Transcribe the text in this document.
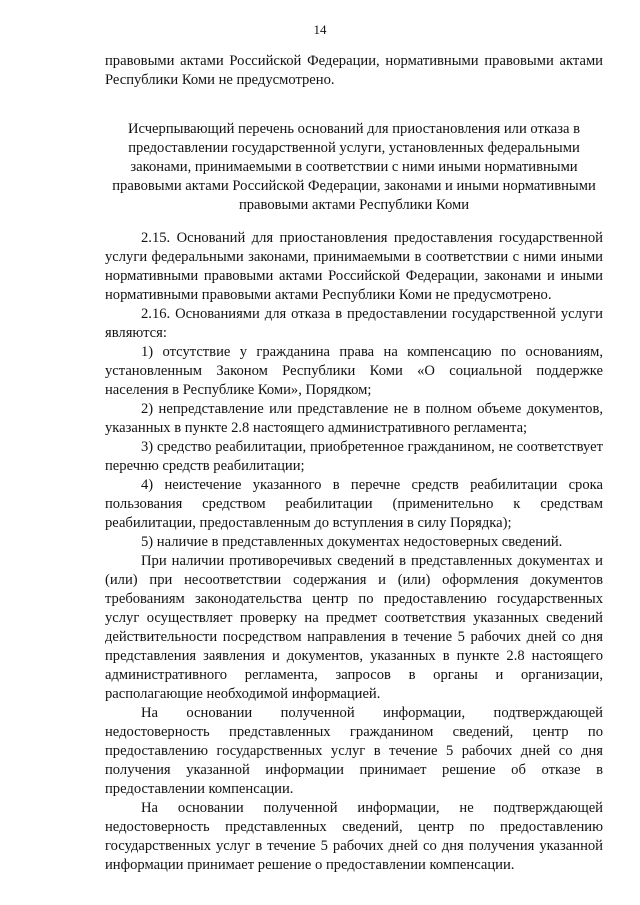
14

правовыми актами Российской Федерации, нормативными правовыми актами Республики Коми не предусмотрено.

Исчерпывающий перечень оснований для приостановления или отказа в предоставлении государственной услуги, установленных федеральными законами, принимаемыми в соответствии с ними иными нормативными правовыми актами Российской Федерации, законами и иными нормативными правовыми актами Республики Коми

2.15. Оснований для приостановления предоставления государственной услуги федеральными законами, принимаемыми в соответствии с ними иными нормативными правовыми актами Российской Федерации, законами и иными нормативными правовыми актами Республики Коми не предусмотрено.

2.16. Основаниями для отказа в предоставлении государственной услуги являются:

1) отсутствие у гражданина права на компенсацию по основаниям, установленным Законом Республики Коми «О социальной поддержке населения в Республике Коми», Порядком;

2) непредставление или представление не в полном объеме документов, указанных в пункте 2.8 настоящего административного регламента;

3) средство реабилитации, приобретенное гражданином, не соответствует перечню средств реабилитации;

4) неистечение указанного в перечне средств реабилитации срока пользования средством реабилитации (применительно к средствам реабилитации, предоставленным до вступления в силу Порядка);

5) наличие в представленных документах недостоверных сведений.

При наличии противоречивых сведений в представленных документах и (или) при несоответствии содержания и (или) оформления документов требованиям законодательства центр по предоставлению государственных услуг осуществляет проверку на предмет соответствия указанных сведений действительности посредством направления в течение 5 рабочих дней со дня представления заявления и документов, указанных в пункте 2.8 настоящего административного регламента, запросов в органы и организации, располагающие необходимой информацией.

На основании полученной информации, подтверждающей недостоверность представленных гражданином сведений, центр по предоставлению государственных услуг в течение 5 рабочих дней со дня получения указанной информации принимает решение об отказе в предоставлении компенсации.

На основании полученной информации, не подтверждающей недостоверность представленных сведений, центр по предоставлению государственных услуг в течение 5 рабочих дней со дня получения указанной информации принимает решение о предоставлении компенсации.
